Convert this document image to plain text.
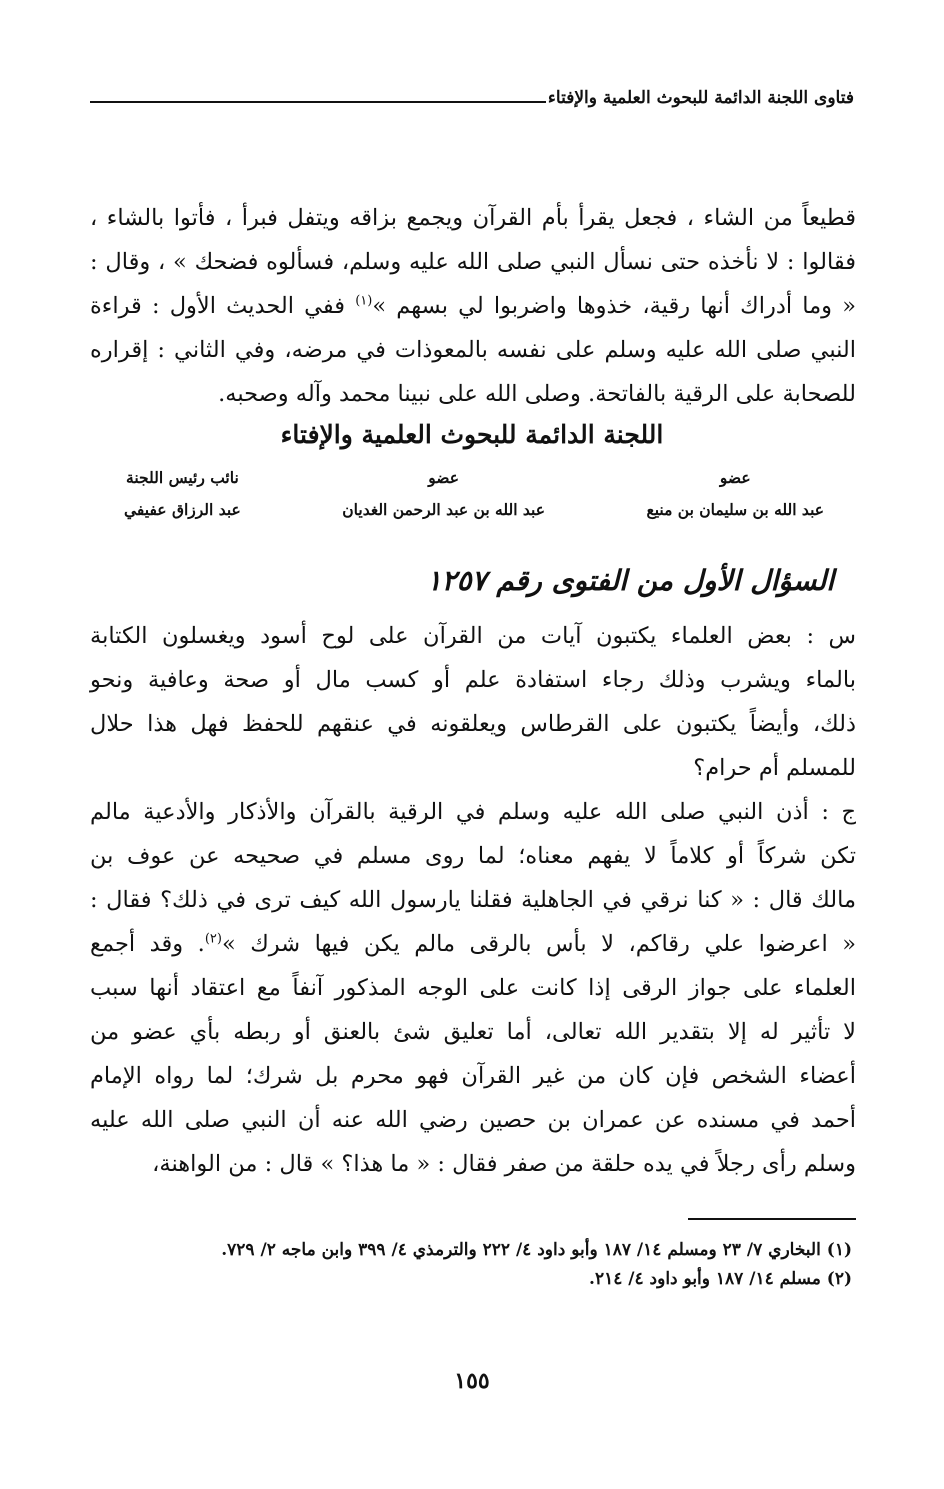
فتاوى اللجنة الدائمة للبحوث العلمية والإفتاء
قطيعاً من الشاء ، فجعل يقرأ بأم القرآن ويجمع بزاقه ويتفل فبرأ ، فأتوا بالشاء ،
فقالوا : لا نأخذه حتى نسأل النبي صلى الله عليه وسلم، فسألوه فضحك » ، وقال :
« وما أدراك أنها رقية، خذوها واضربوا لي بسهم »$^{(١)}$ ففي الحديث الأول : قراءة
النبي صلى الله عليه وسلم على نفسه بالمعوذات في مرضه، وفي الثاني : إقراره
للصحابة على الرقية بالفاتحة. وصلى الله على نبينا محمد وآله وصحبه.
اللجنة الدائمة للبحوث العلمية والإفتاء
عضو
عبد الله بن سليمان بن منيع
عضو
عبد الله بن عبد الرحمن الغديان
نائب رئيس اللجنة
عبد الرزاق عفيفي
السؤال الأول من الفتوى رقم ١٢٥٧
س : بعض العلماء يكتبون آيات من القرآن على لوح أسود ويغسلون الكتابة
بالماء ويشرب وذلك رجاء استفادة علم أو كسب مال أو صحة وعافية ونحو
ذلك، وأيضاً يكتبون على القرطاس ويعلقونه في عنقهم للحفظ فهل هذا حلال
للمسلم أم حرام؟
ج : أذن النبي صلى الله عليه وسلم في الرقية بالقرآن والأذكار والأدعية مالم
تكن شركاً أو كلاماً لا يفهم معناه؛ لما روى مسلم في صحيحه عن عوف بن
مالك قال : « كنا نرقي في الجاهلية فقلنا يارسول الله كيف ترى في ذلك؟ فقال :
« اعرضوا علي رقاكم، لا بأس بالرقى مالم يكن فيها شرك »$^{(٢)}$. وقد أجمع
العلماء على جواز الرقى إذا كانت على الوجه المذكور آنفاً مع اعتقاد أنها سبب
لا تأثير له إلا بتقدير الله تعالى، أما تعليق شئ بالعنق أو ربطه بأي عضو من
أعضاء الشخص فإن كان من غير القرآن فهو محرم بل شرك؛ لما رواه الإمام
أحمد في مسنده عن عمران بن حصين رضي الله عنه أن النبي صلى الله عليه
وسلم رأى رجلاً في يده حلقة من صفر فقال : « ما هذا؟ » قال : من الواهنة،
(١) البخاري ٧/ ٢٣ ومسلم ١٤/ ١٨٧ وأبو داود ٤/ ٢٢٢ والترمذي ٤/ ٣٩٩ وابن ماجه ٢/ ٧٢٩.
(٢) مسلم ١٤/ ١٨٧ وأبو داود ٤/ ٢١٤.
١٥٥
